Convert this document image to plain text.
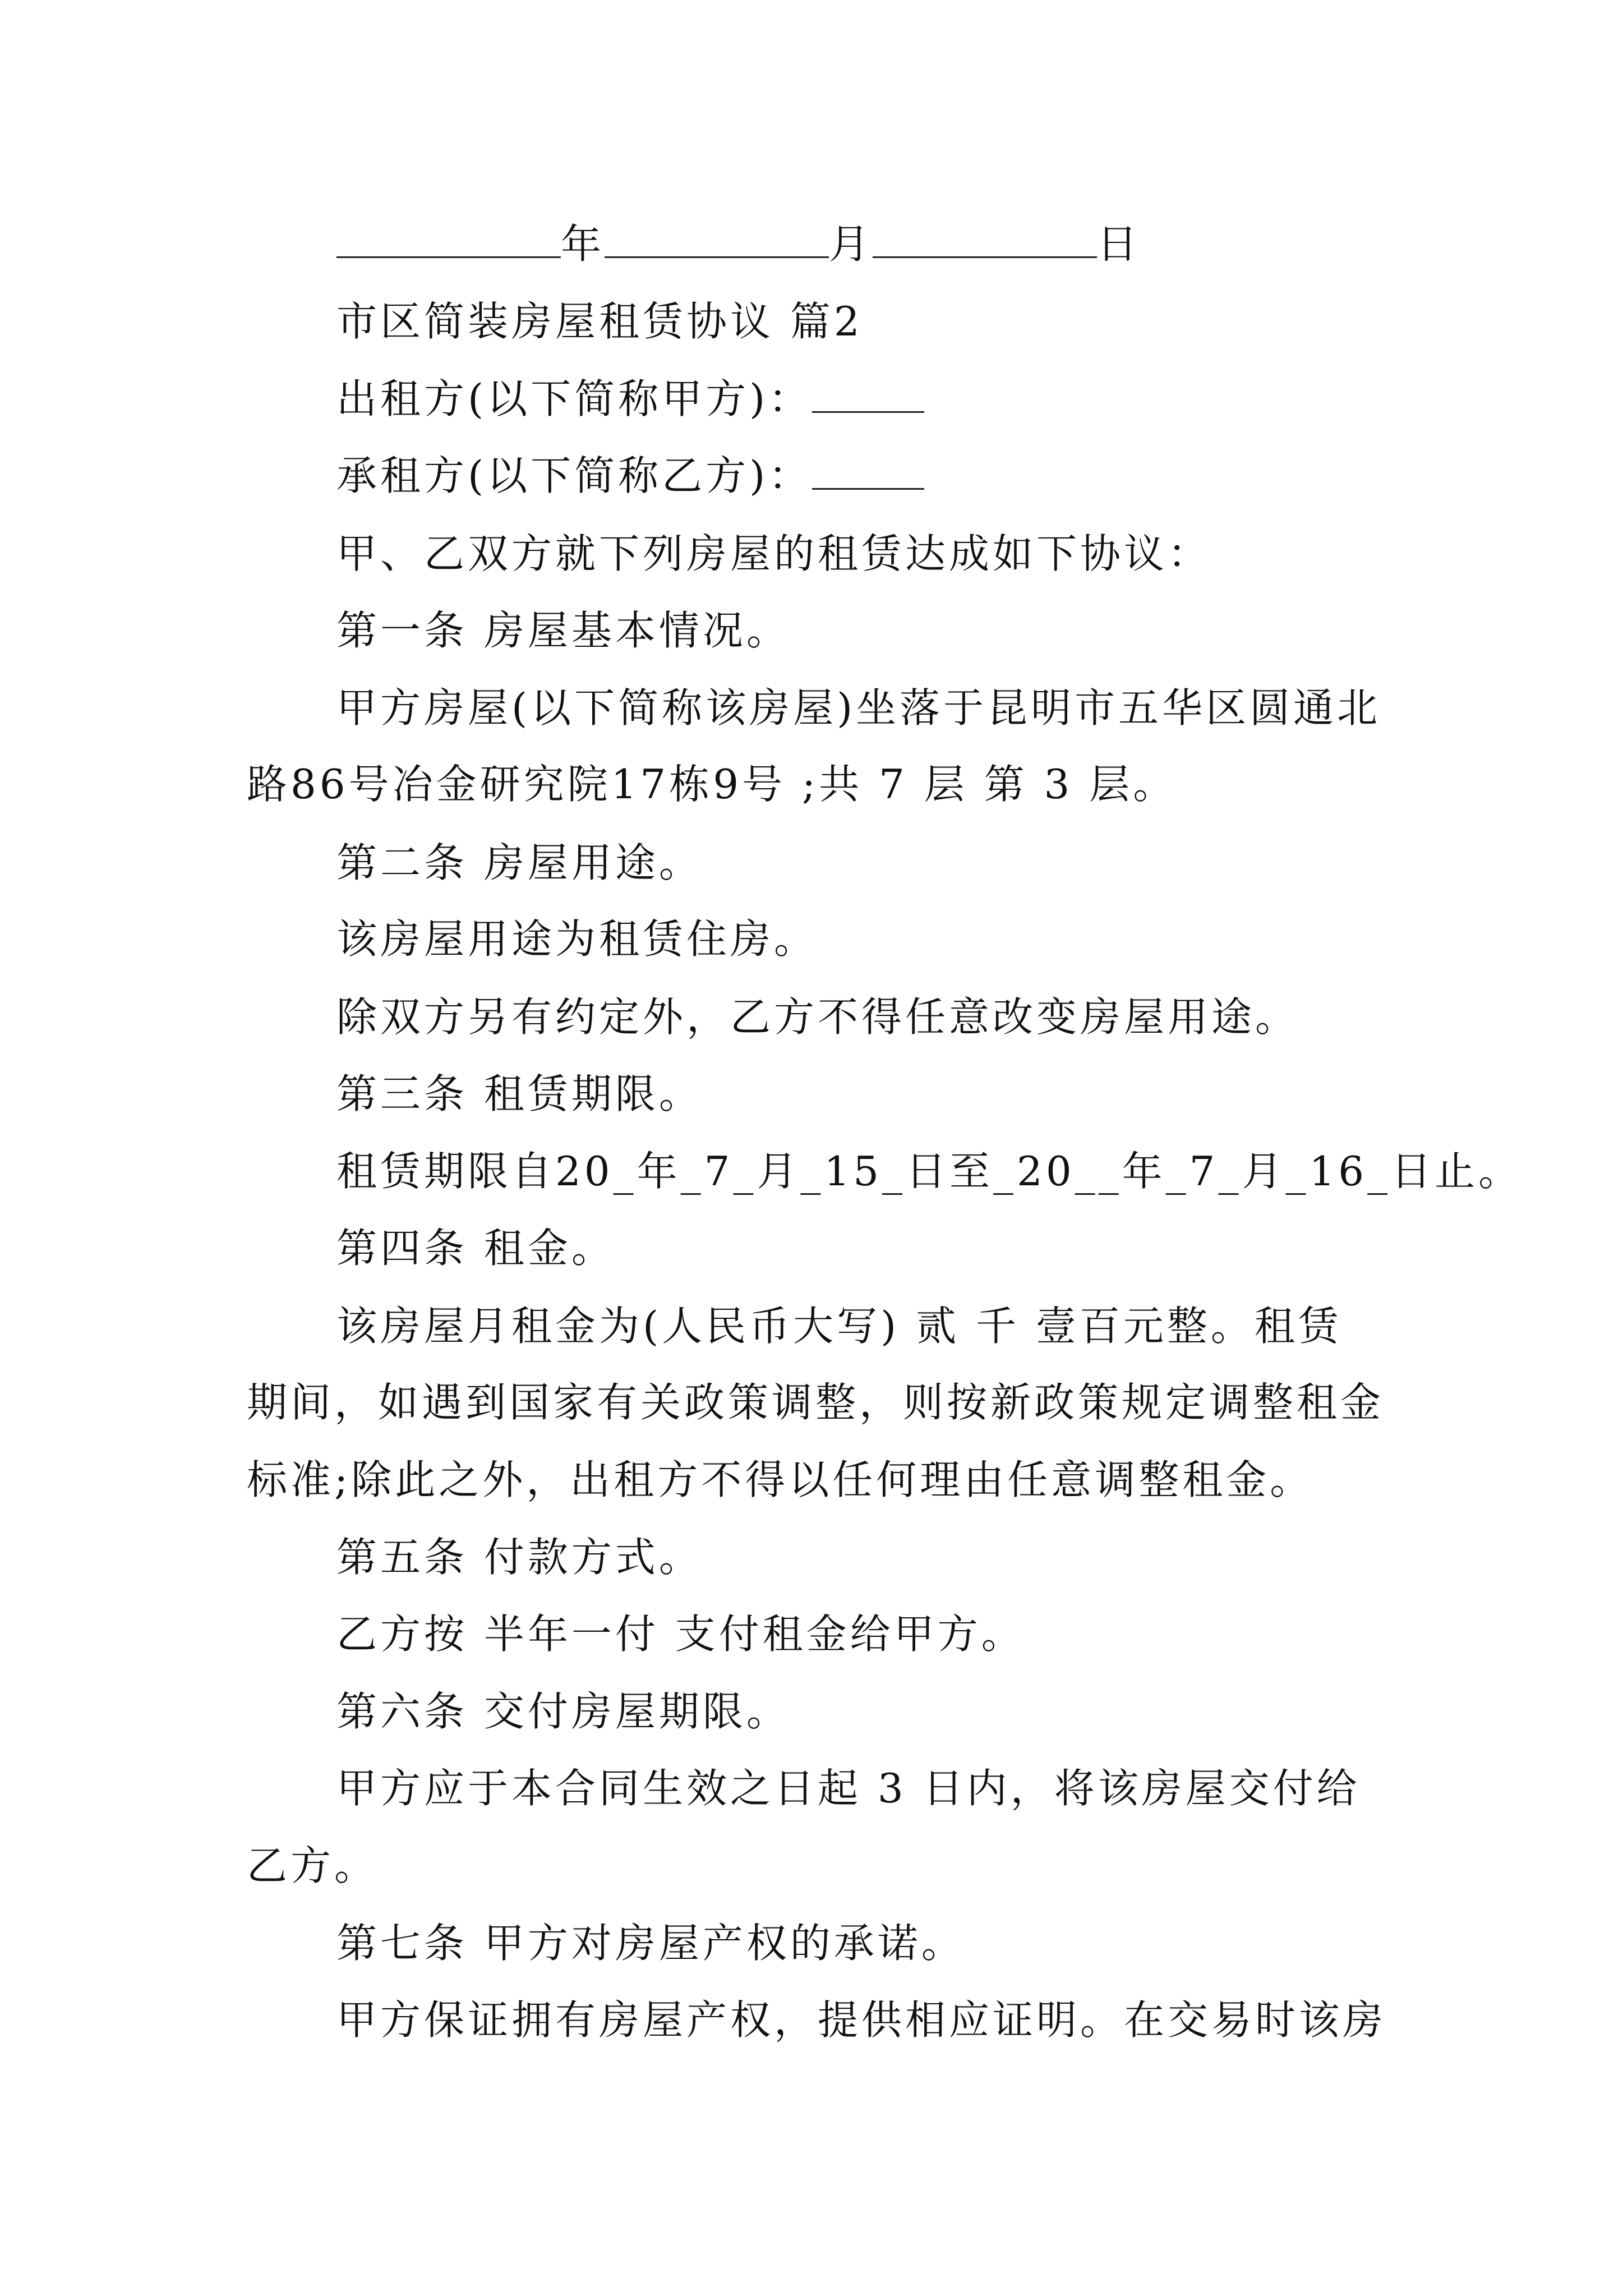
年	月	日
市区简装房屋租赁协议 篇2
出租方(以下简称甲方)：
承租方(以下简称乙方)：
甲、乙双方就下列房屋的租赁达成如下协议：
第一条 房屋基本情况。
甲方房屋(以下简称该房屋)坐落于昆明市五华区圆通北
路86号冶金研究院17栋9号 ;共 7 层 第 3 层。
第二条 房屋用途。
该房屋用途为租赁住房。
除双方另有约定外，乙方不得任意改变房屋用途。
第三条 租赁期限。
租赁期限自20_年_7_月_15_日至_20__年_7_月_16_日止。
第四条 租金。
该房屋月租金为(人民币大写) 贰 千 壹百元整。租赁
期间，如遇到国家有关政策调整，则按新政策规定调整租金
标准;除此之外，出租方不得以任何理由任意调整租金。
第五条 付款方式。
乙方按 半年一付 支付租金给甲方。
第六条 交付房屋期限。
甲方应于本合同生效之日起 3 日内，将该房屋交付给
乙方。
第七条 甲方对房屋产权的承诺。
甲方保证拥有房屋产权，提供相应证明。在交易时该房
